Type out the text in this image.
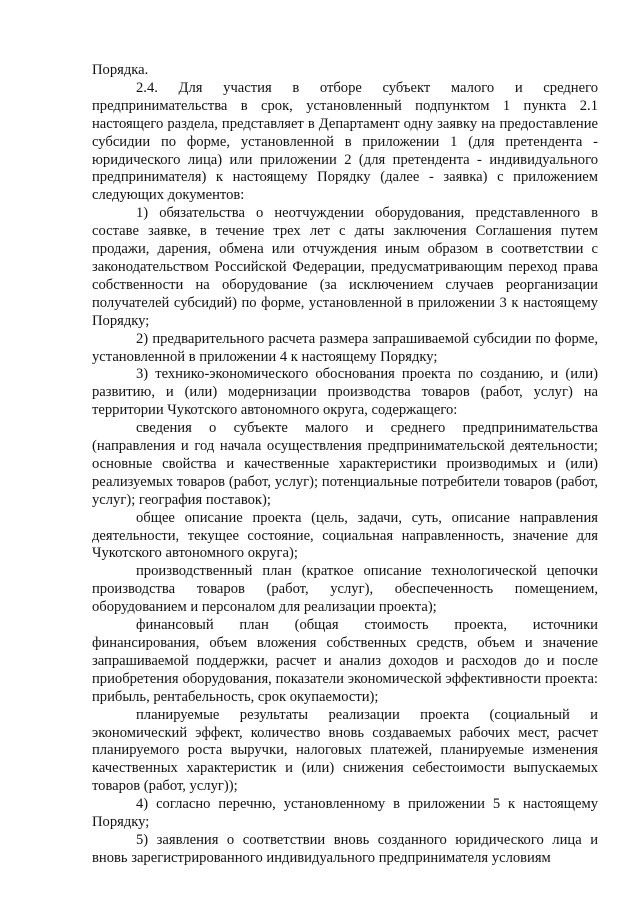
Порядка.

2.4. Для участия в отборе субъект малого и среднего предпринимательства в срок, установленный подпунктом 1 пункта 2.1 настоящего раздела, представляет в Департамент одну заявку на предоставление субсидии по форме, установленной в приложении 1 (для претендента - юридического лица) или приложении 2 (для претендента - индивидуального предпринимателя) к настоящему Порядку (далее - заявка) с приложением следующих документов:

1) обязательства о неотчуждении оборудования, представленного в составе заявке, в течение трех лет с даты заключения Соглашения путем продажи, дарения, обмена или отчуждения иным образом в соответствии с законодательством Российской Федерации, предусматривающим переход права собственности на оборудование (за исключением случаев реорганизации получателей субсидий) по форме, установленной в приложении 3 к настоящему Порядку;

2) предварительного расчета размера запрашиваемой субсидии по форме, установленной в приложении 4 к настоящему Порядку;

3) технико-экономического обоснования проекта по созданию, и (или) развитию, и (или) модернизации производства товаров (работ, услуг) на территории Чукотского автономного округа, содержащего:

сведения о субъекте малого и среднего предпринимательства (направления и год начала осуществления предпринимательской деятельности; основные свойства и качественные характеристики производимых и (или) реализуемых товаров (работ, услуг); потенциальные потребители товаров (работ, услуг); география поставок);

общее описание проекта (цель, задачи, суть, описание направления деятельности, текущее состояние, социальная направленность, значение для Чукотского автономного округа);

производственный план (краткое описание технологической цепочки производства товаров (работ, услуг), обеспеченность помещением, оборудованием и персоналом для реализации проекта);

финансовый план (общая стоимость проекта, источники финансирования, объем вложения собственных средств, объем и значение запрашиваемой поддержки, расчет и анализ доходов и расходов до и после приобретения оборудования, показатели экономической эффективности проекта: прибыль, рентабельность, срок окупаемости);

планируемые результаты реализации проекта (социальный и экономический эффект, количество вновь создаваемых рабочих мест, расчет планируемого роста выручки, налоговых платежей, планируемые изменения качественных характеристик и (или) снижения себестоимости выпускаемых товаров (работ, услуг));

4) согласно перечню, установленному в приложении 5 к настоящему Порядку;

5) заявления о соответствии вновь созданного юридического лица и вновь зарегистрированного индивидуального предпринимателя условиям
